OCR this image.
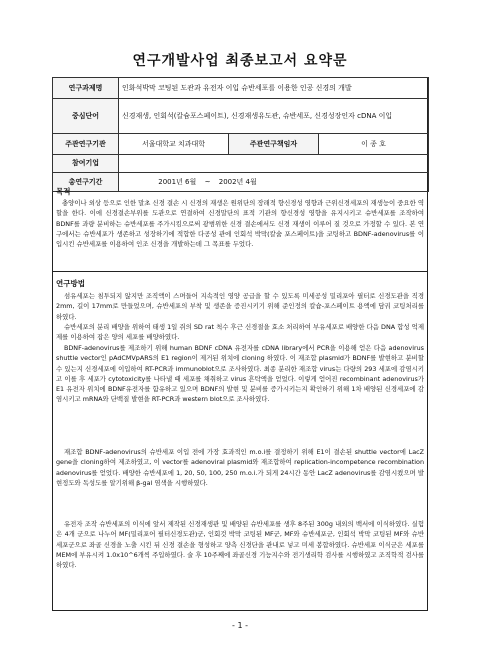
연구개발사업 최종보고서 요약문
연구과제명	인화석박막 코팅된 도관과 유전자 이입 슈반세포를 이용한 인공 신경의 개발		
중심단어	신경재생, 인회석(칼슘포스페이트), 신경재생유도관, 슈반세포, 신경성장인자 cDNA 이입		
주관연구기관	서울대학교 치과대학	주관연구책임자	이 종 호
참여기업			
총연구기간	2001년 6월 ~ 2002년 4월		
목적
충양이나 외상 등으로 인한 말초 신경 결손 시 신경의 재생은 원위단의 장래적 향신경성 영향과 근위신경세포의 재생능이 중요한 역할을 한다. 이에 신경결손부위를 도관으로 연결하여 신경말단의 표적 기관의 향신경성 영향을 유지시키고 슈반세포를 조작하여 BDNF를 과량 분비하는 슈반세포를 주가시킴으로써 광범위한 신경 결손에서도 신경 재생이 이루어 질 것으로 가정할 수 있다. 본 연구에서는 슈반세포가 생존하고 성장하기에 적합한 다공성 관에 인회석 박막(칼슘 포스페이트)을 코팅하고 BDNF-adenovirus를 이입시킨 슈반세포를 이용하여 인조 신경을 개발하는데 그 목표를 두었다.
연구방법
섬유세포는 침투되지 않지만 조직액이 스며들어 지속적인 영양 공급을 할 수 있도록 미세공성 밀리포아 필터로 신경도관을 직경 2mm, 길이 17mm로 만들었으며, 슈반세포의 부착 및 생존을 증진시키기 위해 준인정의 칼슘-포스페이트 용액에 담궈 코팅처리를 하였다.
슈반세포의 분리 배양을 위하여 태생 1일 쥐의 SD rat 척수 후근 신경절을 효소 처리하여 부유세포로 배양한 다음 DNA 합성 억제제를 이용하여 잡은 양의 세포를 배양하였다.
BDNF-adenovirus를 제조하기 위해 human BDNF cDNA 유전자를 cDNA library에서 PCR을 이용해 얻은 다음 adenovirus shuttle vector인 pAdCMVpARS의 E1 region이 제거된 위치에 cloning 하였다. 이 재조합 plasmid가 BDNF를 발현하고 분비할 수 있는지 신경세포에 이입하여 RT-PCR과 immunoblot으로 조사하였다. 최종 분리한 재조합 virus는 다량의 293 세포에 감염시키고 이를 후 세포가 cytotoxicity를 나타낼 때 세포를 채취하고 virus 흔탁액을 얻었다. 이렇게 얻어진 recombinant adenovirus가 E1 유전자 위치에 BDNF유전자를 함유하고 있으며 BDNF의 발현 및 분비를 증가시키는지 확인하기 위해 1차 배양된 신경세포에 감염시키고 mRNA와 단백질 발현을 RT-PCR과 western blot으로 조사하였다.
재조합 BDNF-adenovirus의 슈반세포 이입 전에 가장 효과적인 m.o.i를 결정하기 위해 E1이 결손된 shuttle vector에 LacZ gene을 cloning하여 제조하였고, 이 vector를 adenoviral plasmid와 재조합하여 replication-incompetence recombination adenovirus를 얻었다. 배양한 슈반세포에 1, 20, 50, 100, 250 m.o.i.가 되게 24시간 동안 LacZ adenovirus를 감염시켰으며 발현정도와 독성도를 알기위해 β-gal 염색을 시행하였다.
유전자 조작 슈반세포의 이식에 앞서 제작된 신경재생관 및 배양된 슈반세포를 생후 8주된 300g 내외의 백서에 이식하였다. 실험은 4개 군으로 나누어 MF(밀리포어 필터신경도관)군, 인회것 박막 코팅된 MF군, MF와 슈반세포군, 인회석 박막 코팅된 MF와 슈반세포군으로 좌골 신경을 노출 시킨 뒤 신경 결손을 형성하고 양측 신경단을 관내로 넣고 미세 봉합하였다. 슈반세포 이식군은 세포를 MEM에 부유시켜 1.0x10^6개씩 주입하였다. 술 후 10주째에 좌골신경 기능지수와 전기생리학 검사를 시행하였고 조직학적 검사를 하였다.
- 1 -
